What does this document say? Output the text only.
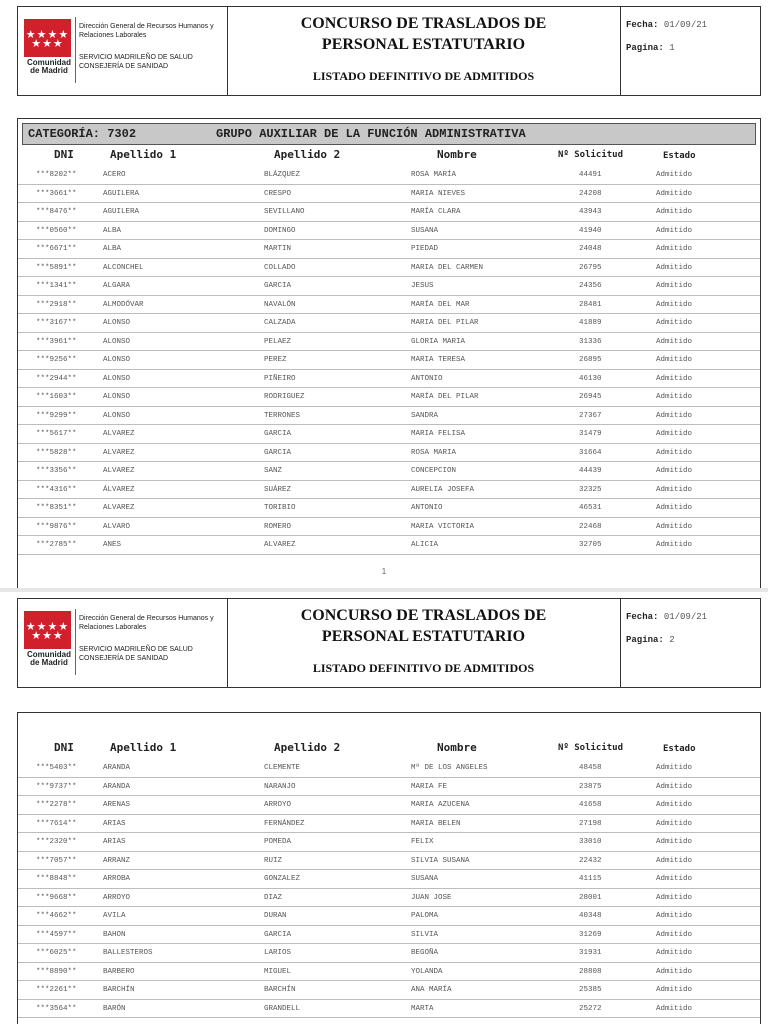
★★★★
★★★
Comunidad de Madrid
Dirección General de Recursos Humanos y Relaciones Laborales
SERVICIO MADRILEÑO DE SALUD CONSEJERÍA DE SANIDAD
CONCURSO DE TRASLADOS DE
PERSONAL ESTATUTARIO
LISTADO DEFINITIVO DE ADMITIDOS
Fecha: 01/09/21
Pagina: 1
CATEGORÍA: 7302	GRUPO AUXILIAR DE LA FUNCIÓN ADMINISTRATIVA
DNI	Apellido 1	Apellido 2	Nombre	Nº Solicitud	Estado
***8202**	ACERO	BLÁZQUEZ	ROSA MARÍA	44491	Admitido
***3661**	AGUILERA	CRESPO	MARIA NIEVES	24208	Admitido
***8476**	AGUILERA	SEVILLANO	MARÍA CLARA	43943	Admitido
***0560**	ALBA	DOMINGO	SUSANA	41940	Admitido
***6671**	ALBA	MARTIN	PIEDAD	24048	Admitido
***5891**	ALCONCHEL	COLLADO	MARIA DEL CARMEN	26795	Admitido
***1341**	ALGARA	GARCIA	JESUS	24356	Admitido
***2918**	ALMODÓVAR	NAVALÓN	MARÍA DEL MAR	28481	Admitido
***3167**	ALONSO	CALZADA	MARIA DEL PILAR	41889	Admitido
***3961**	ALONSO	PELAEZ	GLORIA MARIA	31336	Admitido
***9256**	ALONSO	PEREZ	MARIA TERESA	26895	Admitido
***2944**	ALONSO	PIÑEIRO	ANTONIO	46130	Admitido
***1603**	ALONSO	RODRIGUEZ	MARÍA DEL PILAR	26945	Admitido
***9299**	ALONSO	TERRONES	SANDRA	27367	Admitido
***5617**	ALVAREZ	GARCIA	MARIA FELISA	31479	Admitido
***5828**	ALVAREZ	GARCIA	ROSA MARIA	31664	Admitido
***3356**	ALVAREZ	SANZ	CONCEPCION	44439	Admitido
***4316**	ÁLVAREZ	SUÁREZ	AURELIA JOSEFA	32325	Admitido
***8351**	ALVAREZ	TORIBIO	ANTONIO	46531	Admitido
***9876**	ALVARO	ROMERO	MARIA VICTORIA	22468	Admitido
***2785**	ANES	ALVAREZ	ALICIA	32705	Admitido
1
★★★★
★★★
Comunidad de Madrid
Dirección General de Recursos Humanos y Relaciones Laborales
SERVICIO MADRILEÑO DE SALUD CONSEJERÍA DE SANIDAD
CONCURSO DE TRASLADOS DE
PERSONAL ESTATUTARIO
LISTADO DEFINITIVO DE ADMITIDOS
Fecha: 01/09/21
Pagina: 2
DNI	Apellido 1	Apellido 2	Nombre	Nº Solicitud	Estado
***5403**	ARANDA	CLEMENTE	Mª DE LOS ANGELES	48458	Admitido
***9737**	ARANDA	NARANJO	MARIA FE	23875	Admitido
***2278**	ARENAS	ARROYO	MARIA AZUCENA	41658	Admitido
***7614**	ARIAS	FERNÁNDEZ	MARIA BELEN	27198	Admitido
***2320**	ARIAS	POMEDA	FELIX	33010	Admitido
***7057**	ARRANZ	RUIZ	SILVIA SUSANA	22432	Admitido
***8848**	ARROBA	GONZALEZ	SUSANA	41115	Admitido
***9668**	ARROYO	DIAZ	JUAN JOSE	28001	Admitido
***4662**	AVILA	DURAN	PALOMA	40348	Admitido
***4597**	BAHON	GARCIA	SILVIA	31269	Admitido
***6025**	BALLESTEROS	LARIOS	BEGOÑA	31931	Admitido
***8890**	BARBERO	MIGUEL	YOLANDA	28808	Admitido
***2261**	BARCHÍN	BARCHÍN	ANA MARÍA	25385	Admitido
***3564**	BARÓN	GRANDELL	MARTA	25272	Admitido
